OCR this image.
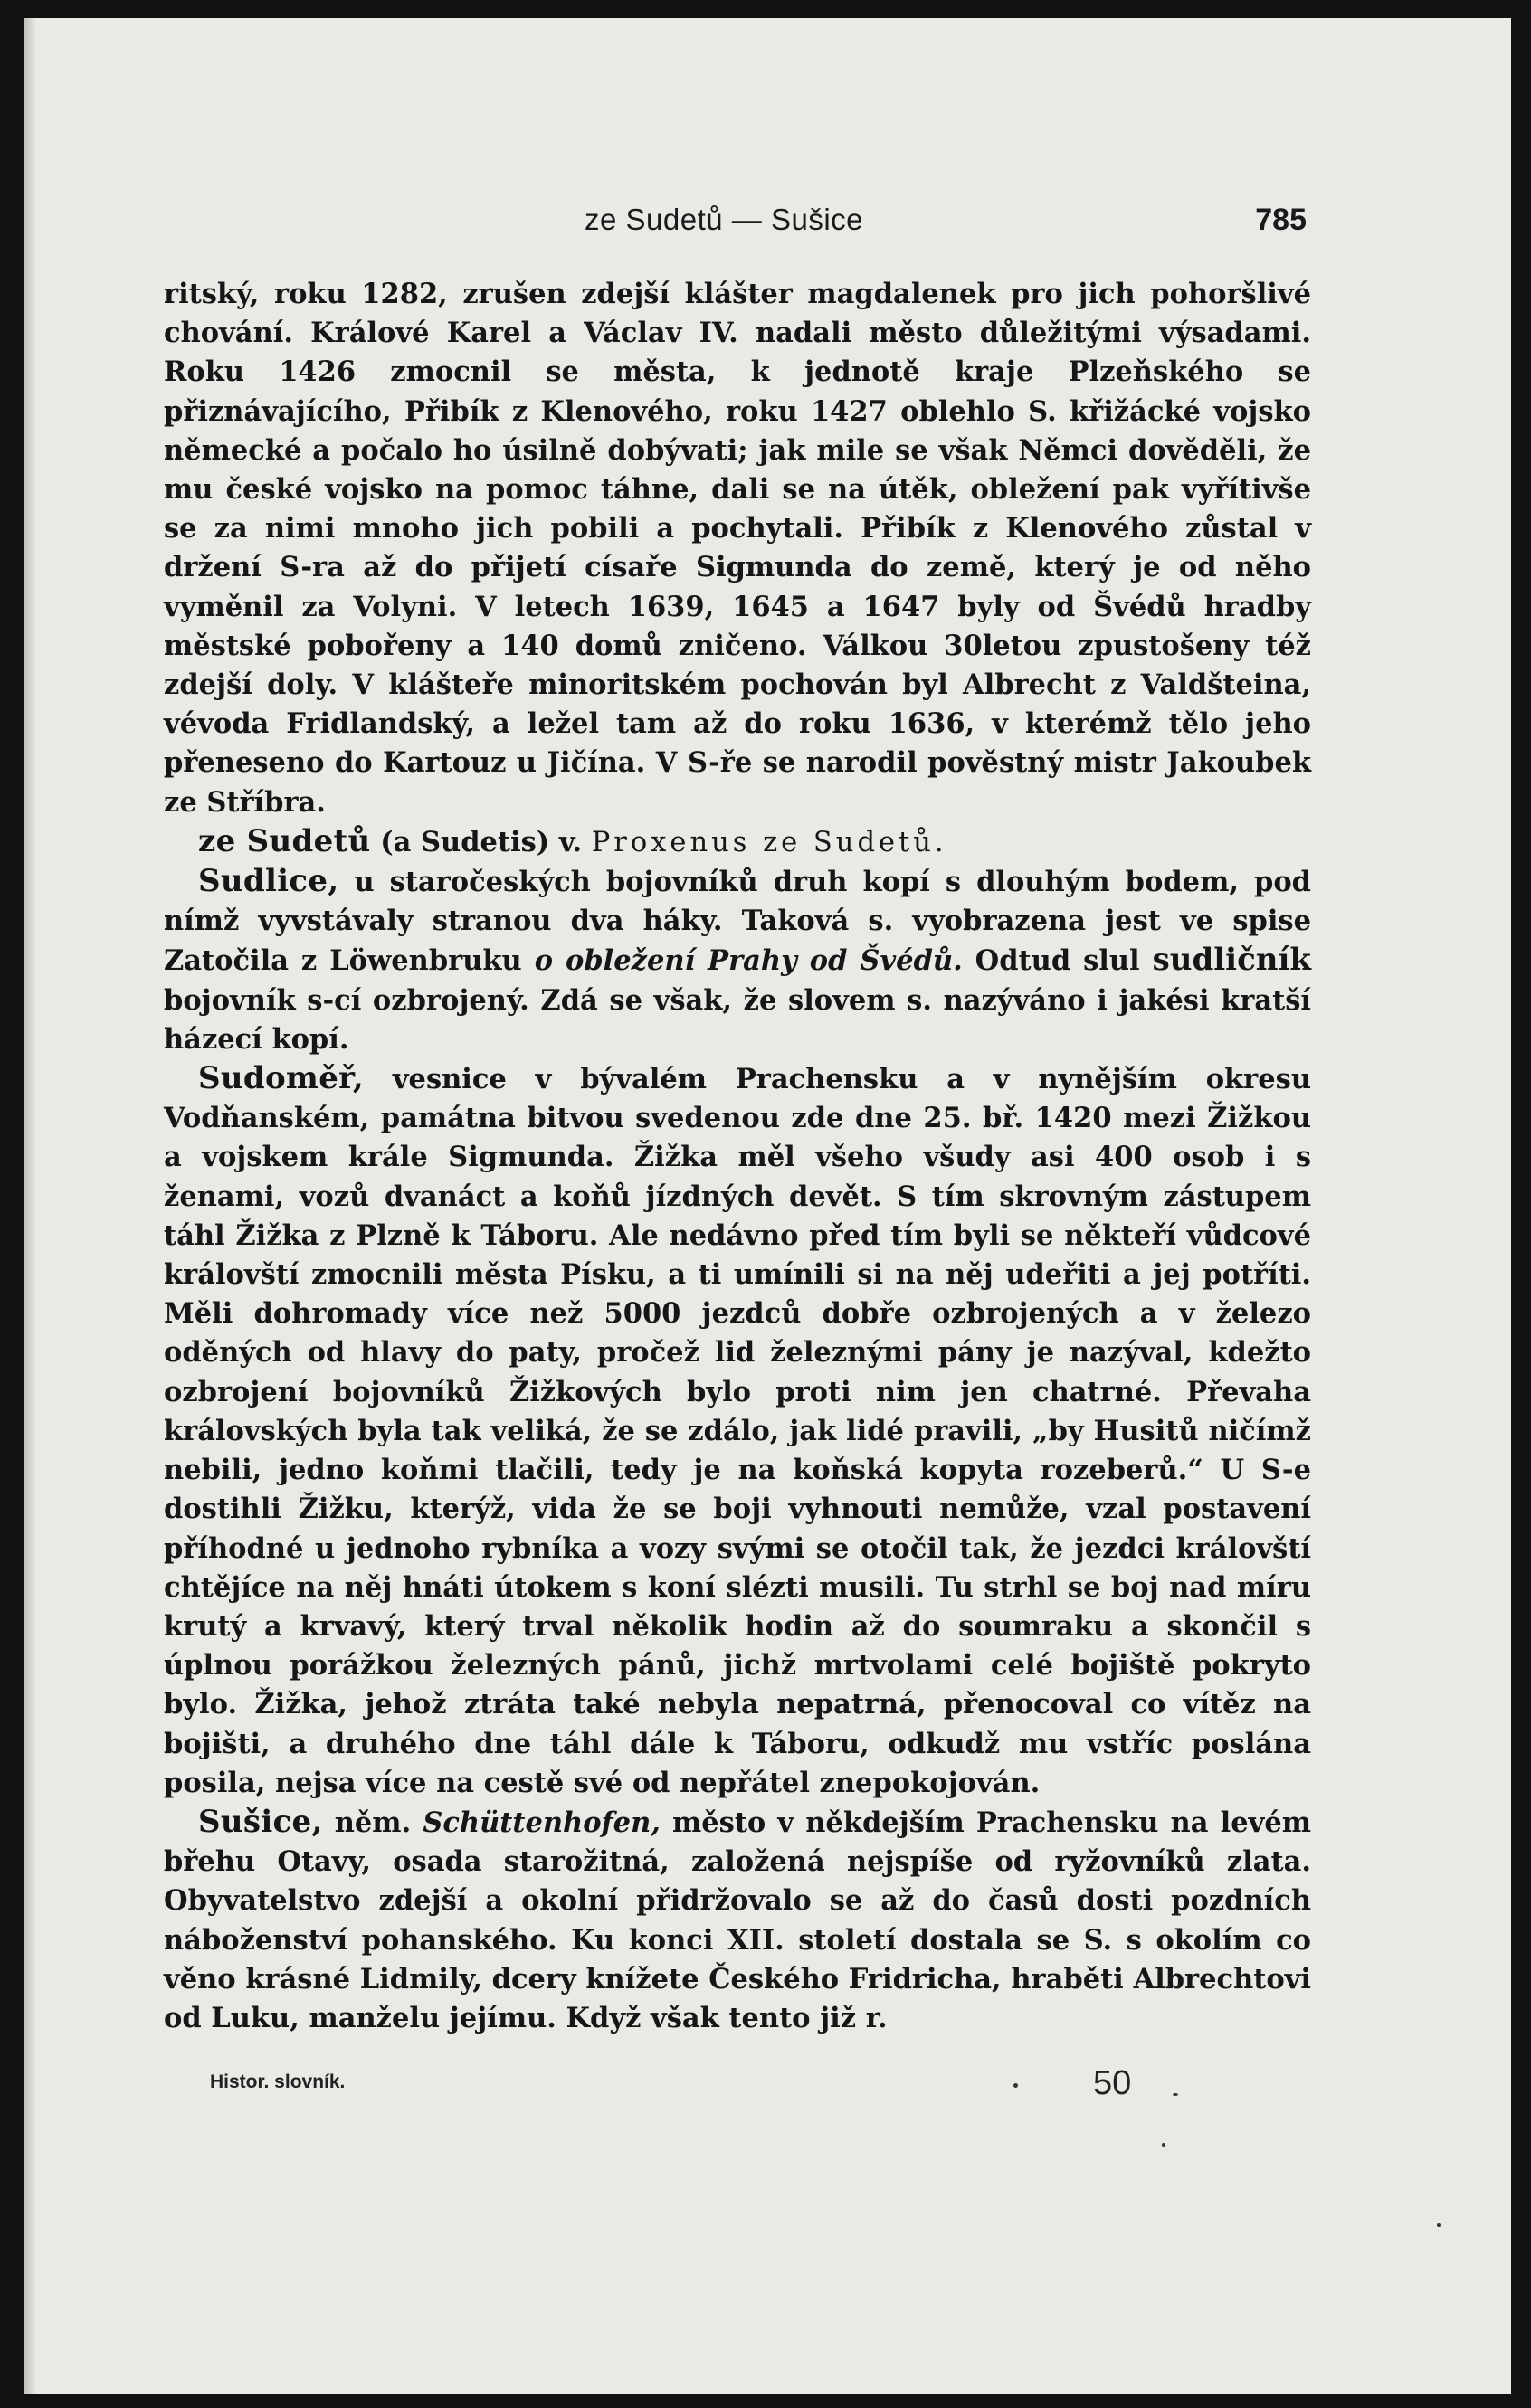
ze Sudetů — Sušice	785

ritský, roku 1282, zrušen zdejší klášter magdalenek pro jich pohoršlivé chování. Králové Karel a Václav IV. nadali město důležitými výsadami. Roku 1426 zmocnil se města, k jednotě kraje Plzeňského se přiznávajícího, Přibík z Klenového, roku 1427 oblehlo S. křižácké vojsko německé a počalo ho úsilně dobývati; jak mile se však Němci dověděli, že mu české vojsko na pomoc táhne, dali se na útěk, obležení pak vyřítivše se za nimi mnoho jich pobili a pochytali. Přibík z Klenového zůstal v držení S-ra až do přijetí císaře Sigmunda do země, který je od něho vyměnil za Volyni. V letech 1639, 1645 a 1647 byly od Švédů hradby městské pobořeny a 140 domů zničeno. Válkou 30letou zpustošeny též zdejší doly. V klášteře minoritském pochován byl Albrecht z Valdšteina, vévoda Fridlandský, a ležel tam až do roku 1636, v kterémž tělo jeho přeneseno do Kartouz u Jičína. V S-ře se narodil pověstný mistr Jakoubek ze Stříbra.

ze Sudetů (a Sudetis) v. Proxenus ze Sudetů.

Sudlice, u staročeských bojovníků druh kopí s dlouhým bodem, pod nímž vyvstávaly stranou dva háky. Taková s. vyobrazena jest ve spise Zatočila z Löwenbruku o obležení Prahy od Švédů. Odtud slul sudličník bojovník s-cí ozbrojený. Zdá se však, že slovem s. nazýváno i jakési kratší házecí kopí.

Sudoměř, vesnice v bývalém Prachensku a v nynějším okresu Vodňanském, památna bitvou svedenou zde dne 25. bř. 1420 mezi Žižkou a vojskem krále Sigmunda. Žižka měl všeho všudy asi 400 osob i s ženami, vozů dvanáct a koňů jízdných devět. S tím skrovným zástupem táhl Žižka z Plzně k Táboru. Ale nedávno před tím byli se někteří vůdcové královští zmocnili města Písku, a ti umínili si na něj udeřiti a jej potříti. Měli dohromady více než 5000 jezdců dobře ozbrojených a v železo oděných od hlavy do paty, pročež lid železnými pány je nazýval, kdežto ozbrojení bojovníků Žižkových bylo proti nim jen chatrné. Převaha královských byla tak veliká, že se zdálo, jak lidé pravili, „by Husitů ničímž nebili, jedno koňmi tlačili, tedy je na koňská kopyta rozeberů.“ U S-e dostihli Žižku, kterýž, vida že se boji vyhnouti nemůže, vzal postavení příhodné u jednoho rybníka a vozy svými se otočil tak, že jezdci královští chtějíce na něj hnáti útokem s koní slézti musili. Tu strhl se boj nad míru krutý a krvavý, který trval několik hodin až do soumraku a skončil s úplnou porážkou železných pánů, jichž mrtvolami celé bojiště pokryto bylo. Žižka, jehož ztráta také nebyla nepatrná, přenocoval co vítěz na bojišti, a druhého dne táhl dále k Táboru, odkudž mu vstříc poslána posila, nejsa více na cestě své od nepřátel znepokojován.

Sušice, něm. Schüttenhofen, město v někdejším Prachensku na levém břehu Otavy, osada starožitná, založená nejspíše od ryžovníků zlata. Obyvatelstvo zdejší a okolní přidržovalo se až do časů dosti pozdních náboženství pohanského. Ku konci XII. století dostala se S. s okolím co věno krásné Lidmily, dcery knížete Českého Fridricha, hraběti Albrechtovi od Luku, manželu jejímu. Když však tento již r.

Histor. slovník.	50
